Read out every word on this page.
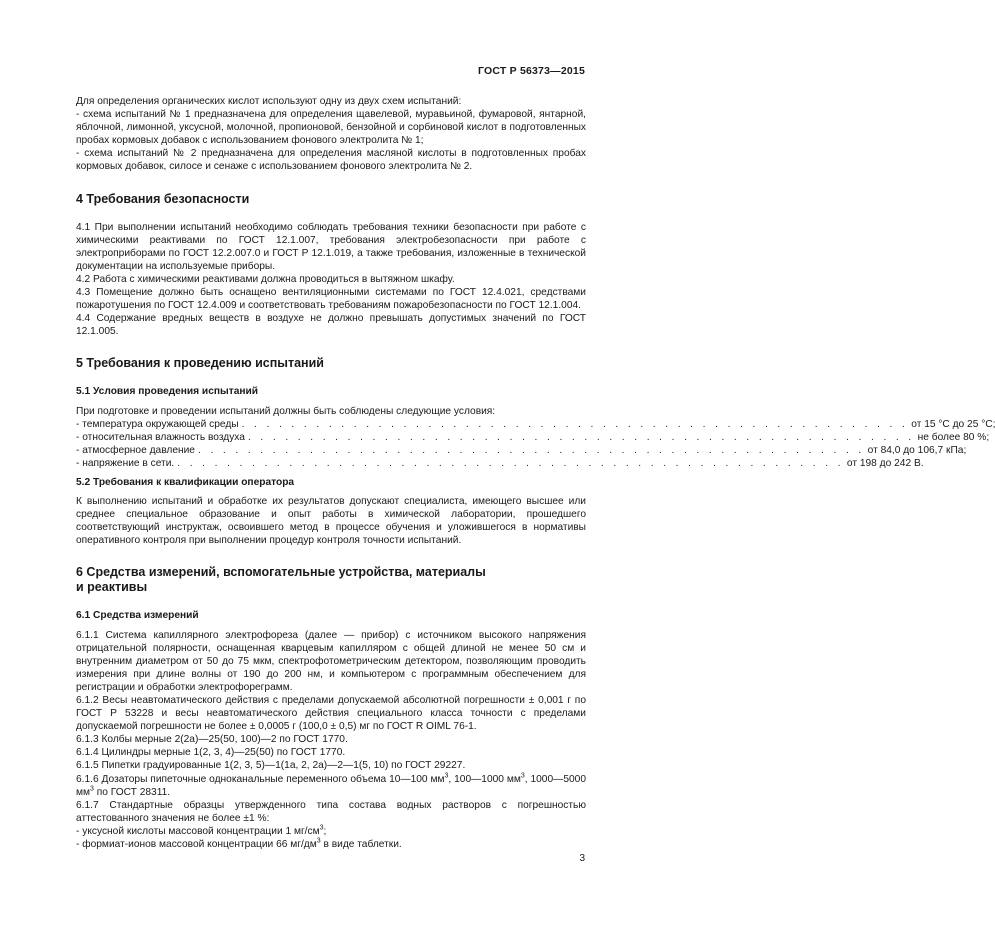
ГОСТ Р 56373—2015

Для определения органических кислот используют одну из двух схем испытаний:

- схема испытаний № 1 предназначена для определения щавелевой, муравьиной, фумаровой, янтарной, яблочной, лимонной, уксусной, молочной, пропионовой, бензойной и сорбиновой кислот в подготовленных пробах кормовых добавок с использованием фонового электролита № 1;

- схема испытаний № 2 предназначена для определения масляной кислоты в подготовленных пробах кормовых добавок, силосе и сенаже с использованием фонового электролита № 2.

4 Требования безопасности

4.1 При выполнении испытаний необходимо соблюдать требования техники безопасности при работе с химическими реактивами по ГОСТ 12.1.007, требования электробезопасности при работе с электроприборами по ГОСТ 12.2.007.0 и ГОСТ Р 12.1.019, а также требования, изложенные в технической документации на используемые приборы.

4.2 Работа с химическими реактивами должна проводиться в вытяжном шкафу.

4.3 Помещение должно быть оснащено вентиляционными системами по ГОСТ 12.4.021, средствами пожаротушения по ГОСТ 12.4.009 и соответствовать требованиям пожаробезопасности по ГОСТ 12.1.004.

4.4 Содержание вредных веществ в воздухе не должно превышать допустимых значений по ГОСТ 12.1.005.

5 Требования к проведению испытаний
5.1 Условия проведения испытаний

При подготовке и проведении испытаний должны быть соблюдены следующие условия:

- температура окружающей среды . . . . . . . . . . . . . . . . . . . . . . . . . . . . . . . . . . . . . . . . . . . . . . . . . . . . . . от 15 °С до 25 °С;
- относительная влажность воздуха . . . . . . . . . . . . . . . . . . . . . . . . . . . . . . . . . . . . . . . . . . . . . . . . . . . . . . не более 80 %;
- атмосферное давление . . . . . . . . . . . . . . . . . . . . . . . . . . . . . . . . . . . . . . . . . . . . . . . . . . . . . . от 84,0 до 106,7 кПа;
- напряжение в сети. . . . . . . . . . . . . . . . . . . . . . . . . . . . . . . . . . . . . . . . . . . . . . . . . . . . . . . от 198 до 242 В.
5.2 Требования к квалификации оператора

К выполнению испытаний и обработке их результатов допускают специалиста, имеющего высшее или среднее специальное образование и опыт работы в химической лаборатории, прошедшего соответствующий инструктаж, освоившего метод в процессе обучения и уложившегося в нормативы оперативного контроля при выполнении процедур контроля точности испытаний.

6 Средства измерений, вспомогательные устройства, материалы
и реактивы
6.1 Средства измерений

6.1.1 Система капиллярного электрофореза (далее — прибор) с источником высокого напряжения отрицательной полярности, оснащенная кварцевым капилляром с общей длиной не менее 50 см и внутренним диаметром от 50 до 75 мкм, спектрофотометрическим детектором, позволяющим проводить измерения при длине волны от 190 до 200 нм, и компьютером с программным обеспечением для регистрации и обработки электрофореграмм.

6.1.2 Весы неавтоматического действия с пределами допускаемой абсолютной погрешности ± 0,001 г по ГОСТ Р 53228 и весы неавтоматического действия специального класса точности с пределами допускаемой погрешности не более ± 0,0005 г (100,0 ± 0,5) мг по ГОСТ R OIML 76-1.

6.1.3 Колбы мерные 2(2а)—25(50, 100)—2 по ГОСТ 1770.

6.1.4 Цилиндры мерные 1(2, 3, 4)—25(50) по ГОСТ 1770.

6.1.5 Пипетки градуированные 1(2, 3, 5)—1(1а, 2, 2а)—2—1(5, 10) по ГОСТ 29227.

6.1.6 Дозаторы пипеточные одноканальные переменного объема 10—100 $мм^3$, 100—1000 $мм^3$, 1000—5000 $мм^3$ по ГОСТ 28311.

6.1.7 Стандартные образцы утвержденного типа состава водных растворов с погрешностью аттестованного значения не более ±1 %:

- уксусной кислоты массовой концентрации 1 $мг/см^3$;

- формиат-ионов массовой концентрации 66 $мг/дм^3$ в виде таблетки.

3
